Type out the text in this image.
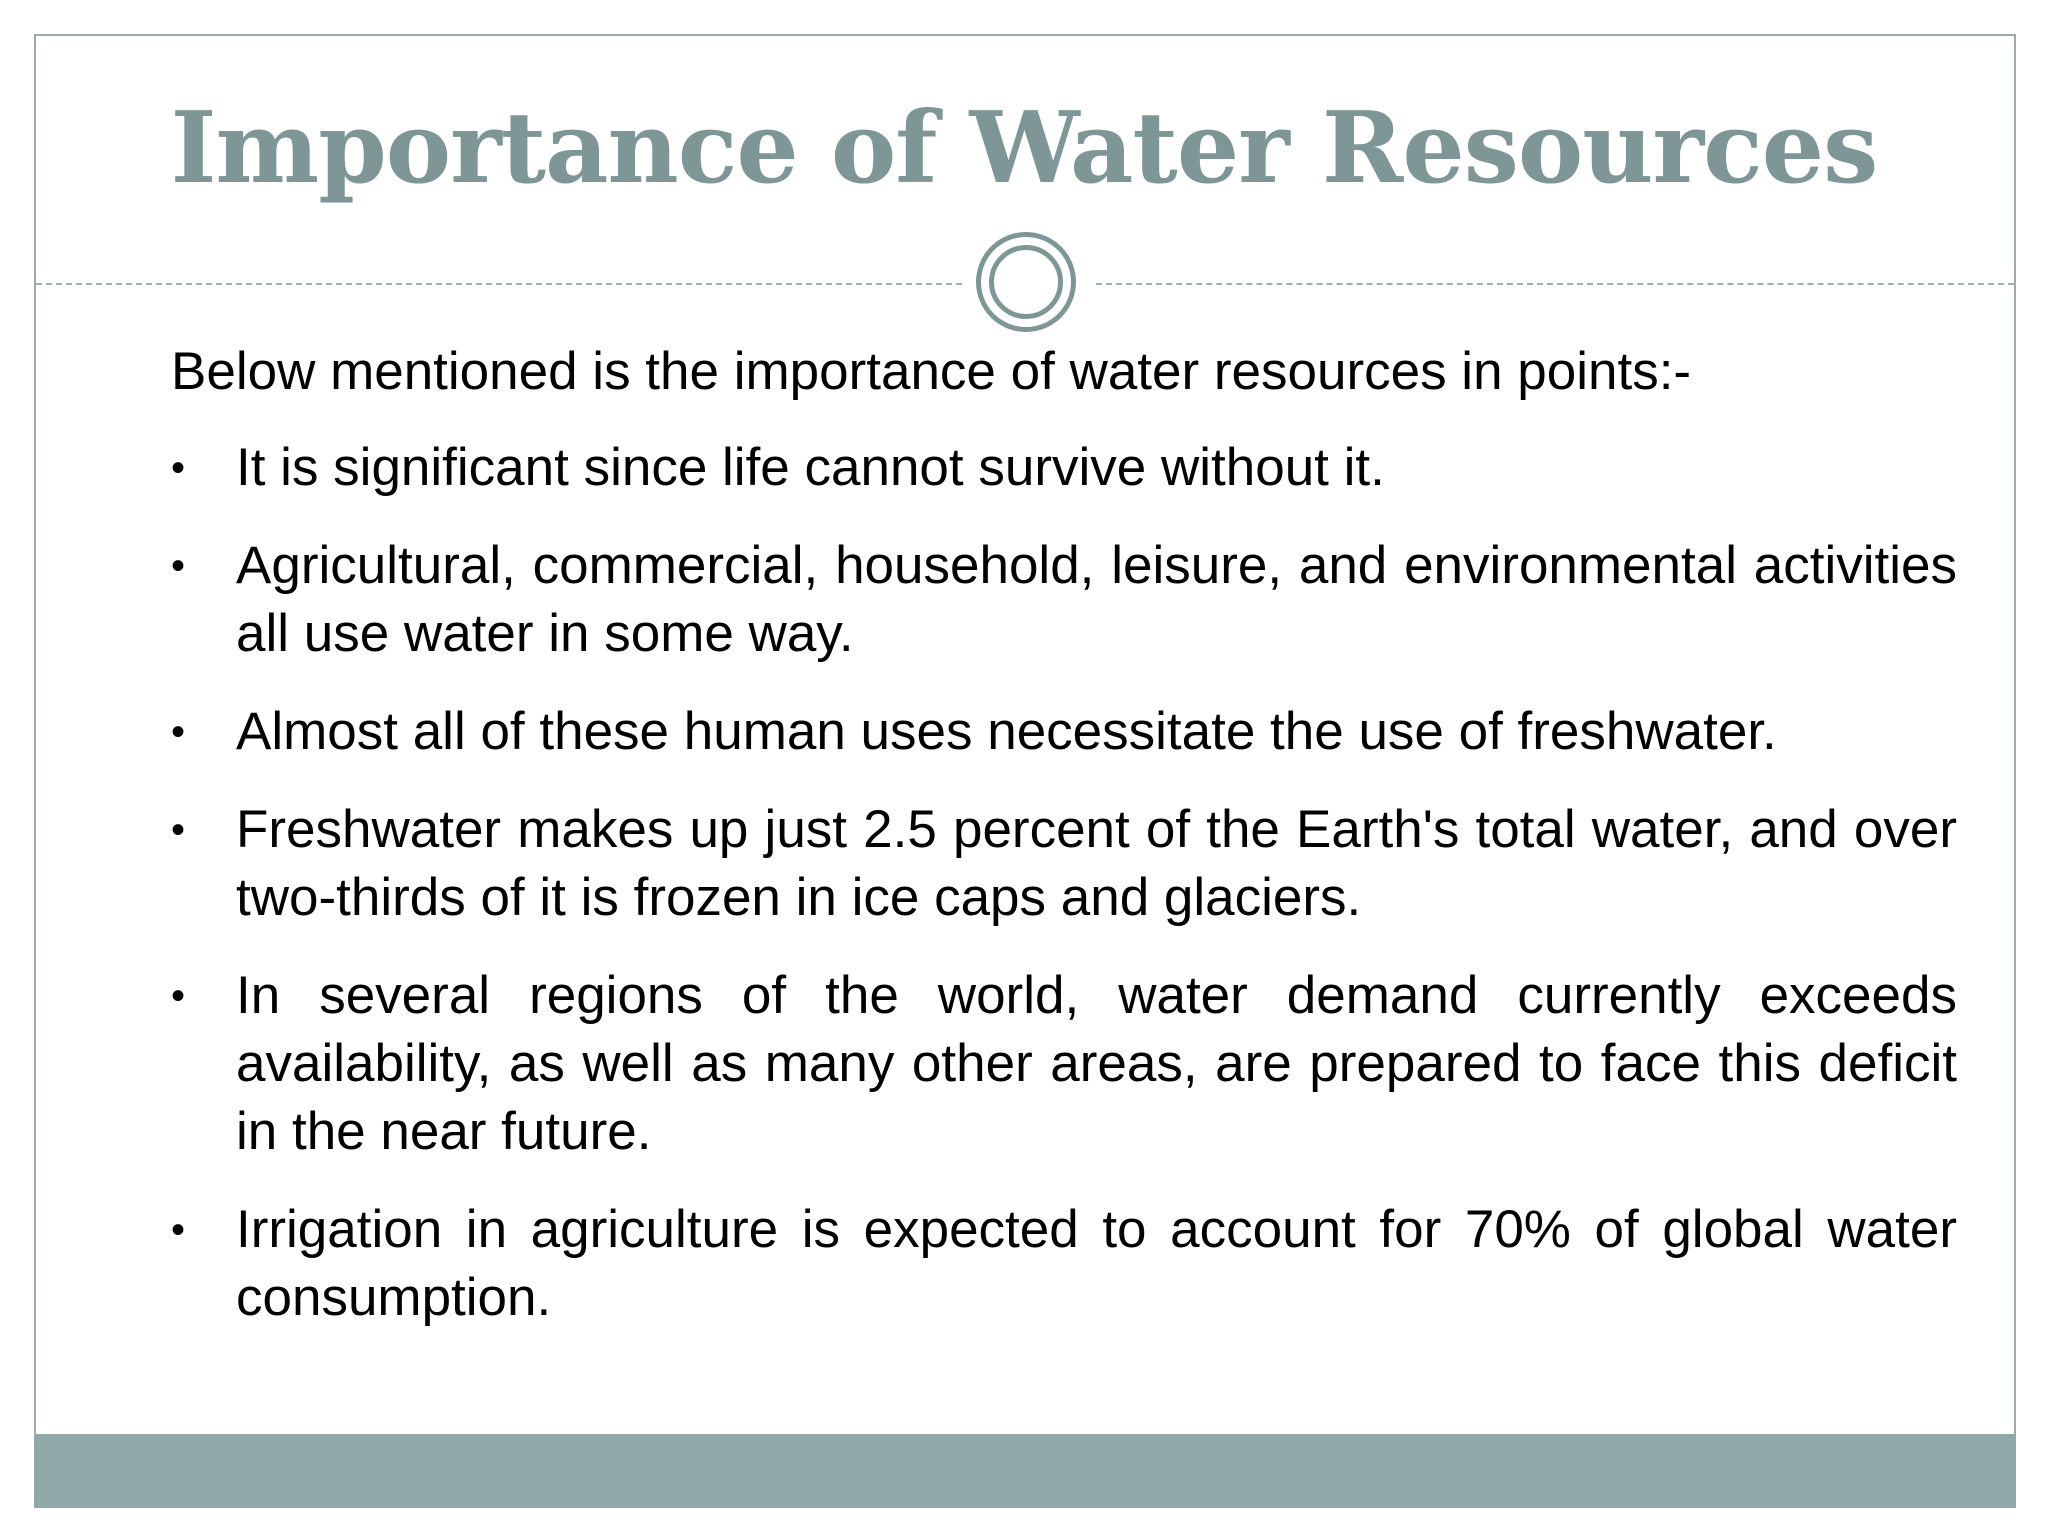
Importance of Water Resources
Below mentioned is the importance of water resources in points:-
• It is significant since life cannot survive without it.
• Agricultural, commercial, household, leisure, and environmental activities all use water in some way.
• Almost all of these human uses necessitate the use of freshwater.
• Freshwater makes up just 2.5 percent of the Earth's total water, and over two-thirds of it is frozen in ice caps and glaciers.
• In several regions of the world, water demand currently exceeds availability, as well as many other areas, are prepared to face this deficit in the near future.
• Irrigation in agriculture is expected to account for 70% of global water consumption.
